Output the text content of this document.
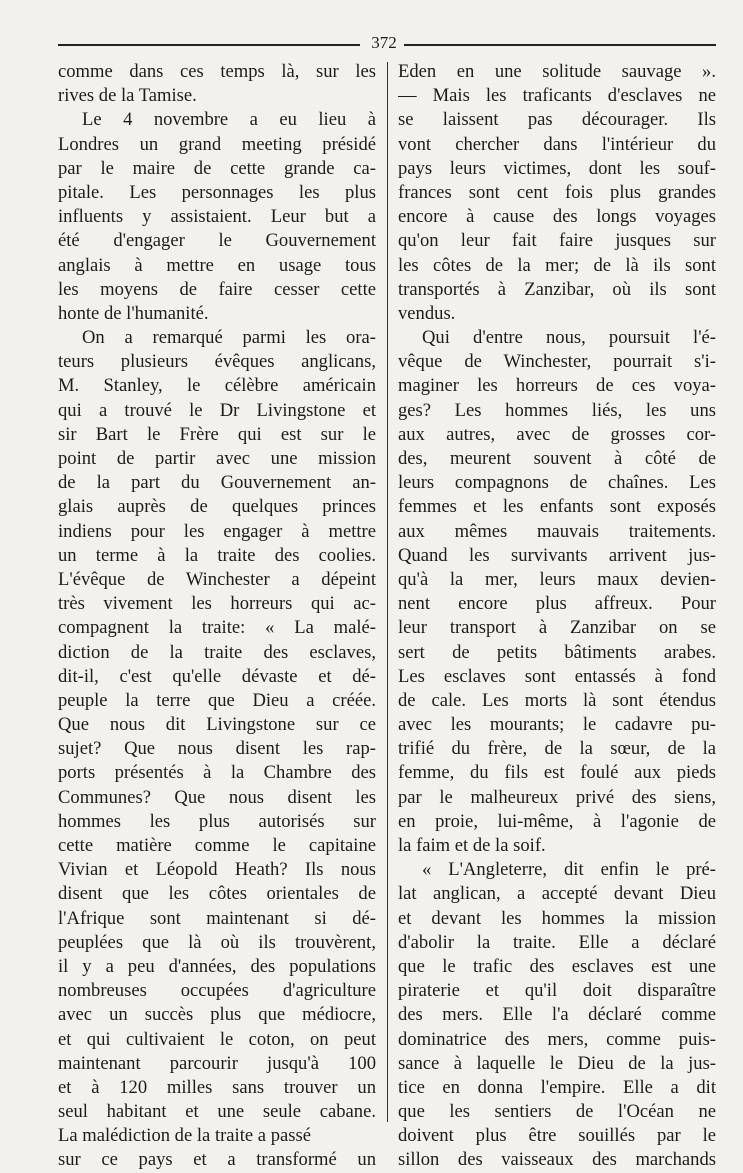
372
comme dans ces temps là, sur les
rives de la Tamise.
Le 4 novembre a eu lieu à
Londres un grand meeting présidé
par le maire de cette grande ca-
pitale. Les personnages les plus
influents y assistaient. Leur but a
été d'engager le Gouvernement
anglais à mettre en usage tous
les moyens de faire cesser cette
honte de l'humanité.
On a remarqué parmi les ora-
teurs plusieurs évêques anglicans,
M. Stanley, le célèbre américain
qui a trouvé le Dr Livingstone et
sir Bart le Frère qui est sur le
point de partir avec une mission
de la part du Gouvernement an-
glais auprès de quelques princes
indiens pour les engager à mettre
un terme à la traite des coolies.
L'évêque de Winchester a dépeint
très vivement les horreurs qui ac-
compagnent la traite: « La malé-
diction de la traite des esclaves,
dit-il, c'est qu'elle dévaste et dé-
peuple la terre que Dieu a créée.
Que nous dit Livingstone sur ce
sujet? Que nous disent les rap-
ports présentés à la Chambre des
Communes? Que nous disent les
hommes les plus autorisés sur
cette matière comme le capitaine
Vivian et Léopold Heath? Ils nous
disent que les côtes orientales de
l'Afrique sont maintenant si dé-
peuplées que là où ils trouvèrent,
il y a peu d'années, des populations
nombreuses occupées d'agriculture
avec un succès plus que médiocre,
et qui cultivaient le coton, on peut
maintenant parcourir jusqu'à 100
et à 120 milles sans trouver un
seul habitant et une seule cabane.
La malédiction de la traite a passé
sur ce pays et a transformé un
Eden en une solitude sauvage ».
— Mais les traficants d'esclaves ne
se laissent pas décourager. Ils
vont chercher dans l'intérieur du
pays leurs victimes, dont les souf-
frances sont cent fois plus grandes
encore à cause des longs voyages
qu'on leur fait faire jusques sur
les côtes de la mer; de là ils sont
transportés à Zanzibar, où ils sont
vendus.
Qui d'entre nous, poursuit l'é-
vêque de Winchester, pourrait s'i-
maginer les horreurs de ces voya-
ges? Les hommes liés, les uns
aux autres, avec de grosses cor-
des, meurent souvent à côté de
leurs compagnons de chaînes. Les
femmes et les enfants sont exposés
aux mêmes mauvais traitements.
Quand les survivants arrivent jus-
qu'à la mer, leurs maux devien-
nent encore plus affreux. Pour
leur transport à Zanzibar on se
sert de petits bâtiments arabes.
Les esclaves sont entassés à fond
de cale. Les morts là sont étendus
avec les mourants; le cadavre pu-
trifié du frère, de la sœur, de la
femme, du fils est foulé aux pieds
par le malheureux privé des siens,
en proie, lui-même, à l'agonie de
la faim et de la soif.
« L'Angleterre, dit enfin le pré-
lat anglican, a accepté devant Dieu
et devant les hommes la mission
d'abolir la traite. Elle a déclaré
que le trafic des esclaves est une
piraterie et qu'il doit disparaître
des mers. Elle l'a déclaré comme
dominatrice des mers, comme puis-
sance à laquelle le Dieu de la jus-
tice en donna l'empire. Elle a dit
que les sentiers de l'Océan ne
doivent plus être souillés par le
sillon des vaisseaux des marchands
